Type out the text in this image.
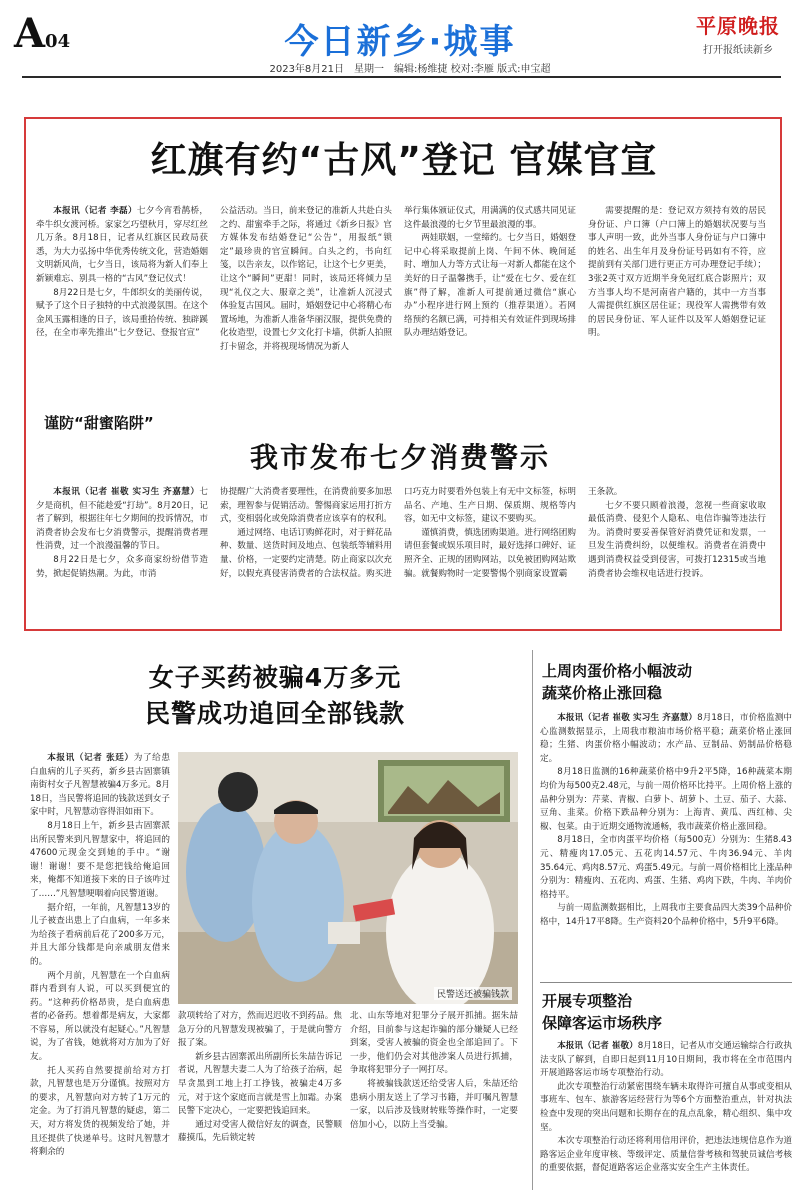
A04	今日新乡·城事	平原晚报
打开报纸读新乡
2023年8月21日　星期一　编辑:杨维捷 校对:李雁 版式:申宝超
红旗有约“古风”登记 官媒官宣

本报讯（记者 李磊）七夕今宵看鹊桥，牵牛织女渡河桥。家家乞巧望秋月，穿尽红丝几万条。8月18日，记者从红旗区民政局获悉，为大力弘扬中华优秀传统文化，营造婚姻文明新风尚，七夕当日，该局将为新人们奉上新颖难忘、别具一格的“古风”登记仪式！

8月22日是七夕，牛郎织女的美丽传说，赋予了这个日子独特的中式浪漫氛围。在这个金风玉露相逢的日子，该局重拾传统、独辟蹊径，在全市率先推出“七夕登记、登报官宣”

公益活动。当日，前来登记的准新人共赴白头之约、甜蜜牵手之际，将通过《新乡日报》官方媒体发布结婚登记“公告”，用报纸“锁定”最珍贵的官宣瞬间。白头之约，书向红笺，以告亲友，以作铭记，让这个七夕更美，让这个“瞬间”更甜！同时，该局还将倾力呈现“礼仪之大、服章之美”，让准新人沉浸式体验复古国风。届时，婚姻登记中心将精心布置场地，为准新人准备华丽汉服，提供免费的化妆造型，设置七夕文化打卡墙，供新人拍照打卡留念，并将视现场情况为新人

举行集体颁证仪式，用满满的仪式感共同见证这件最浪漫的七夕节里最浪漫的事。

两娃联姻，一堂缔约。七夕当日，婚姻登记中心将采取提前上岗、午间不休、晚间延时、增加人力等方式让每一对新人都能在这个美好的日子温馨携手，让“爱在七夕、爱在红旗”得了解，准新人可提前通过微信“旗心办”小程序进行网上预约（推荐渠道）。若网络预约名额已满，可持相关有效证件到现场排队办理结婚登记。

需要提醒的是：登记双方须持有效的居民身份证、户口簿（户口簿上的婚姻状况要与当事人声明一致，此外当事人身份证与户口簿中的姓名、出生年月及身份证号码如有不符，应提前到有关部门进行更正方可办理登记手续）；3张2英寸双方近期半身免冠红底合影照片；双方当事人均不是河南省户籍的，其中一方当事人需提供红旗区居住证；现役军人需携带有效的居民身份证、军人证件以及军人婚姻登记证明。

谨防“甜蜜陷阱”
我市发布七夕消费警示

本报讯（记者 崔敬 实习生 齐嘉慧）七夕是商机，但不能趁爱“打劫”。8月20日，记者了解到，根据往年七夕期间的投诉情况，市消费者协会发布七夕消费警示，提醒消费者理性消费，过一个浪漫温馨的节日。

8月22日是七夕，众多商家纷纷借节造势，掀起促销热潮。为此，市消

协提醒广大消费者要理性，在消费前要多加思索，理智参与促销活动。警惕商家运用打折方式，变相弱化或免除消费者应该享有的权利。

通过网络、电话订购鲜花时，对于鲜花品种、数量、送货时间及地点、包装纸等辅料用量、价格，一定要约定清楚。防止商家以次充好，以假充真侵害消费者的合法权益。购买进

口巧克力时要看外包装上有无中文标签，标明品名、产地、生产日期、保质期、规格等内容，如无中文标签，建议不要购买。

谨慎消费，慎选团购渠道。进行网络团购请但套餐或娱乐项目时，最好选择口碑好、证照齐全、正规的团购网站，以免被团购网站欺骗。就餐购物时一定要警惕个别商家设置霸

王条款。

七夕不要只顾着浪漫，忽视一些商家收取最低消费、侵犯个人隐私、电信诈骗等违法行为。消费时要妥善保管好消费凭证和发票，一旦发生消费纠纷，以便维权。消费者在消费中遇到消费权益受到侵害，可拨打12315或当地消费者协会维权电话进行投诉。

女子买药被骗4万多元
民警成功追回全部钱款

本报讯（记者 张廷）为了给患白血病的儿子买药，新乡县古固寨镇南街村女子凡智慧被骗4万多元。8月18日，当民警将追回的钱款送到女子家中时，凡智慧动容得泪如雨下。

8月18日上午，新乡县古固寨派出所民警来到凡智慧家中，将追回的47600元现金交到她的手中。“谢谢！谢谢！要不是您把钱给俺追回来，俺都不知道接下来的日子该咋过了……”凡智慧哽咽着向民警道谢。

据介绍，一年前，凡智慧13岁的儿子被查出患上了白血病，一年多来为给孩子看病前后花了200多万元，并且大部分钱都是向亲戚朋友借来的。

两个月前，凡智慧在一个白血病群内看到有人说，可以买到便宜的药。“这种药价格昂贵，是白血病患者的必备药。想着都是病友，大家都不容易，所以就没有起疑心。”凡智慧说，为了省钱，她就将对方加为了好友。

托人买药自然要提前给对方打款，凡智慧也是万分谨慎。按照对方的要求，凡智慧向对方转了1万元的定金。为了打消凡智慧的疑虑，第二天，对方将发货的视频发给了她，并且还提供了快递单号。这时凡智慧才将剩余的

民警送还被骗钱款

款项转给了对方，然而迟迟收不到药品。焦急万分的凡智慧发现被骗了，于是就向警方报了案。

新乡县古固寨派出所副所长朱喆告诉记者说，凡智慧夫妻二人为了给孩子治病，起早贪黑到工地上打工挣钱，被骗走4万多元，对于这个家庭而言就是雪上加霜。办案民警下定决心，一定要把钱追回来。

通过对受害人微信好友的调查，民警顺藤摸瓜，先后锁定转

北、山东等地对犯罪分子展开抓捕。据朱喆介绍，目前参与这起诈骗的部分嫌疑人已经到案，受害人被骗的资金也全部追回了。下一步，他们仍会对其他涉案人员进行抓捕，争取将犯罪分子一网打尽。

将被骗钱款送还给受害人后，朱喆还给患病小朋友送上了学习书籍，并叮嘱凡智慧一家，以后涉及钱财转账等操作时，一定要倍加小心，以防上当受骗。

上周肉蛋价格小幅波动
蔬菜价格止涨回稳

本报讯（记者 崔敬 实习生 齐嘉慧）8月18日，市价格监测中心监测数据显示，上周我市粮油市场价格平稳；蔬菜价格止涨回稳；生猪、肉蛋价格小幅波动；水产品、豆制品、奶制品价格稳定。

8月18日监测的16种蔬菜价格中9升2平5降，16种蔬菜本期均价为每500克2.48元，与前一周价格环比持平。上周价格上涨的品种分别为：芹菜、青椒、白萝卜、胡萝卜、土豆、茄子、大蒜、豆角、韭菜。价格下跌品种分别为：上海青、黄瓜、西红柿、尖椒、包菜。由于近期交通物流通畅，我市蔬菜价格止涨回稳。

8月18日，全市肉蛋平均价格（每500克）分别为：生猪8.43元、精瘦肉17.05元、五花肉14.57元、牛肉36.94元、羊肉35.64元、鸡肉8.57元、鸡蛋5.49元。与前一周价格相比上涨品种分别为：精瘦肉、五花肉、鸡蛋、生猪、鸡肉下跌，牛肉、羊肉价格持平。

与前一周监测数据相比，上周我市主要食品四大类39个品种价格中，14升17平8降。生产资料20个品种价格中，5升9平6降。

开展专项整治
保障客运市场秩序

本报讯（记者 崔敬）8月18日，记者从市交通运输综合行政执法支队了解到，自即日起到11月10日期间，我市将在全市范围内开展道路客运市场专项整治行动。

此次专项整治行动紧密围绕车辆未取得许可擅自从事或变相从事班车、包车、旅游客运经营行为等6个方面整治重点，针对执法检查中发现的突出问题和长期存在的乱点乱象，精心组织、集中攻坚。

本次专项整治行动还将利用信用评价，把违法违规信息作为道路客运企业年度审核、等级评定、质量信誉考核和驾驶员诚信考核的重要依据，督促道路客运企业落实安全生产主体责任。
